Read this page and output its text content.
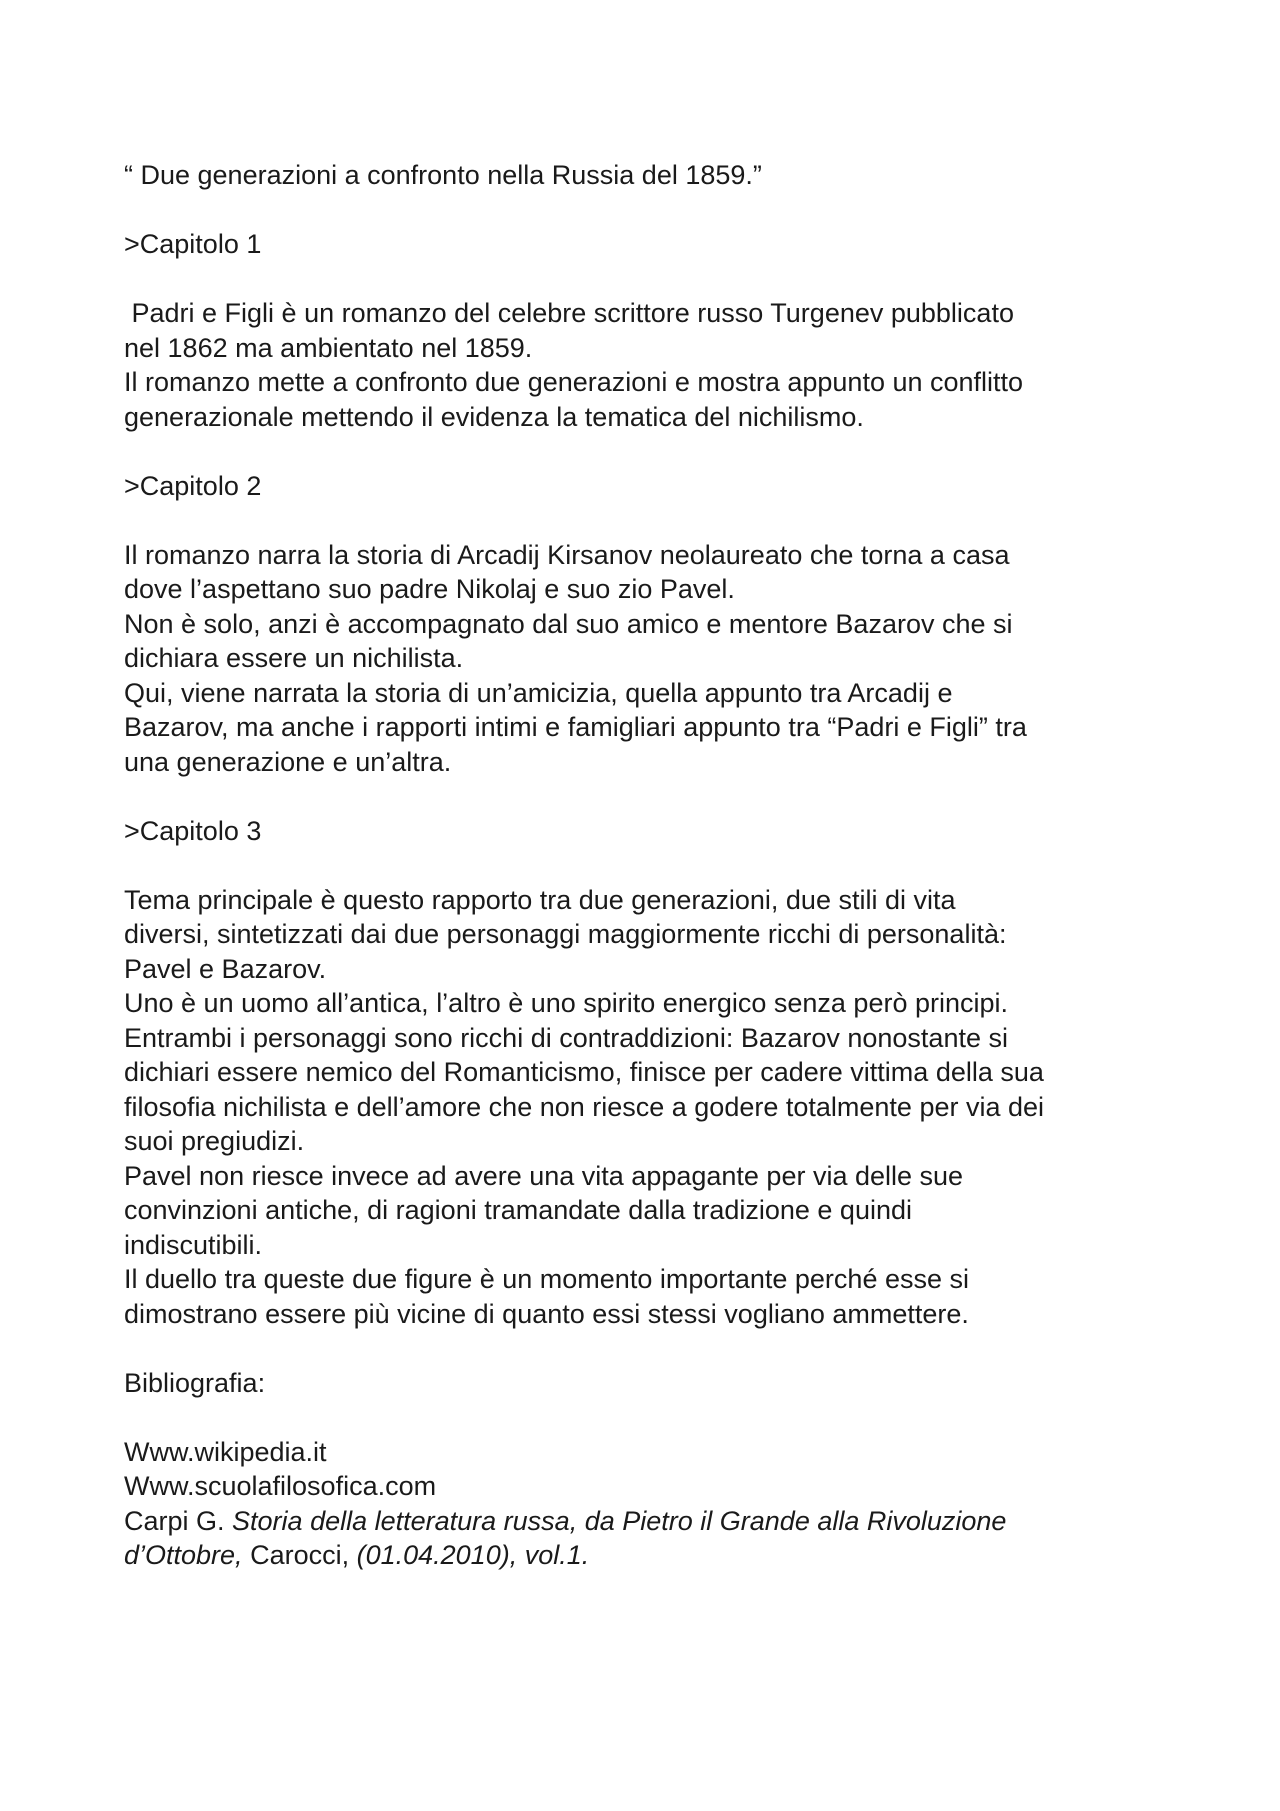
“ Due generazioni a confronto nella Russia del 1859.”
>Capitolo 1
Padri e Figli è un romanzo del celebre scrittore russo Turgenev pubblicato
nel 1862 ma ambientato nel 1859.
Il romanzo mette a confronto due generazioni e mostra appunto un conflitto
generazionale mettendo il evidenza la tematica del nichilismo.
>Capitolo 2
Il romanzo narra la storia di Arcadij Kirsanov neolaureato che torna a casa
dove l’aspettano suo padre Nikolaj e suo zio Pavel.
Non è solo, anzi è accompagnato dal suo amico e mentore Bazarov che si
dichiara essere un nichilista.
Qui, viene narrata la storia di un’amicizia, quella appunto tra Arcadij e
Bazarov, ma anche i rapporti intimi e famigliari appunto tra “Padri e Figli” tra
una generazione e un’altra.
>Capitolo 3
Tema principale è questo rapporto tra due generazioni, due stili di vita
diversi, sintetizzati dai due personaggi maggiormente ricchi di personalità:
Pavel e Bazarov.
Uno è un uomo all’antica, l’altro è uno spirito energico senza però principi.
Entrambi i personaggi sono ricchi di contraddizioni: Bazarov nonostante si
dichiari essere nemico del Romanticismo, finisce per cadere vittima della sua
filosofia nichilista e dell’amore che non riesce a godere totalmente per via dei
suoi pregiudizi.
Pavel non riesce invece ad avere una vita appagante per via delle sue
convinzioni antiche, di ragioni tramandate dalla tradizione e quindi
indiscutibili.
Il duello tra queste due figure è un momento importante perché esse si
dimostrano essere più vicine di quanto essi stessi vogliano ammettere.
Bibliografia:
Www.wikipedia.it
Www.scuolafilosofica.com
Carpi G. Storia della letteratura russa, da Pietro il Grande alla Rivoluzione
d’Ottobre, Carocci, (01.04.2010), vol.1.
